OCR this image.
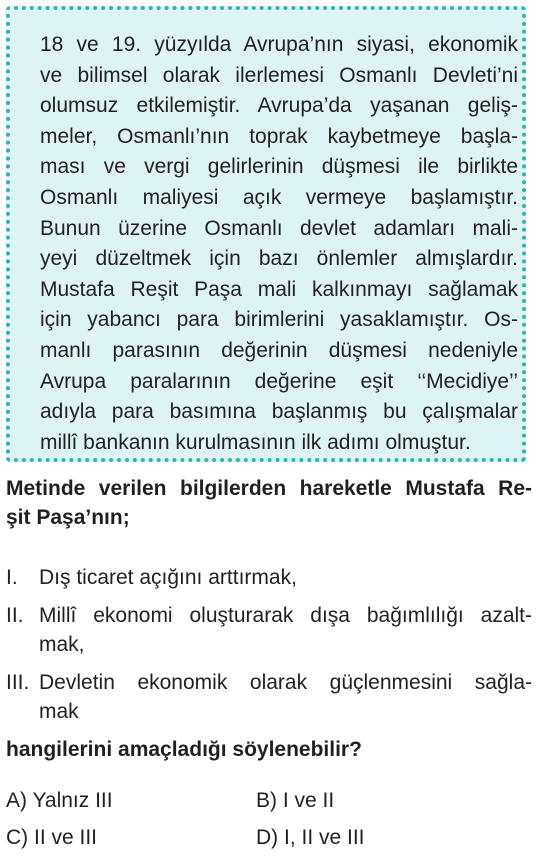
18 ve 19. yüzyılda Avrupa’nın siyasi, ekonomik
ve bilimsel olarak ilerlemesi Osmanlı Devleti’ni
olumsuz etkilemiştir. Avrupa’da yaşanan geliş-
meler, Osmanlı’nın toprak kaybetmeye başla-
ması ve vergi gelirlerinin düşmesi ile birlikte
Osmanlı maliyesi açık vermeye başlamıştır.
Bunun üzerine Osmanlı devlet adamları mali-
yeyi düzeltmek için bazı önlemler almışlardır.
Mustafa Reşit Paşa mali kalkınmayı sağlamak
için yabancı para birimlerini yasaklamıştır. Os-
manlı parasının değerinin düşmesi nedeniyle
Avrupa paralarının değerine eşit ‘‘Mecidiye’’
adıyla para basımına başlanmış bu çalışmalar
millî bankanın kurulmasının ilk adımı olmuştur.
Metinde verilen bilgilerden hareketle Mustafa Re-
şit Paşa’nın;
I. Dış ticaret açığını arttırmak,
II. Millî ekonomi oluşturarak dışa bağımlılığı azalt-
mak,
III. Devletin ekonomik olarak güçlenmesini sağla-
mak

hangilerini amaçladığı söylenebilir?

A) Yalnız III	B) I ve II
C) II ve III	D) I, II ve III
